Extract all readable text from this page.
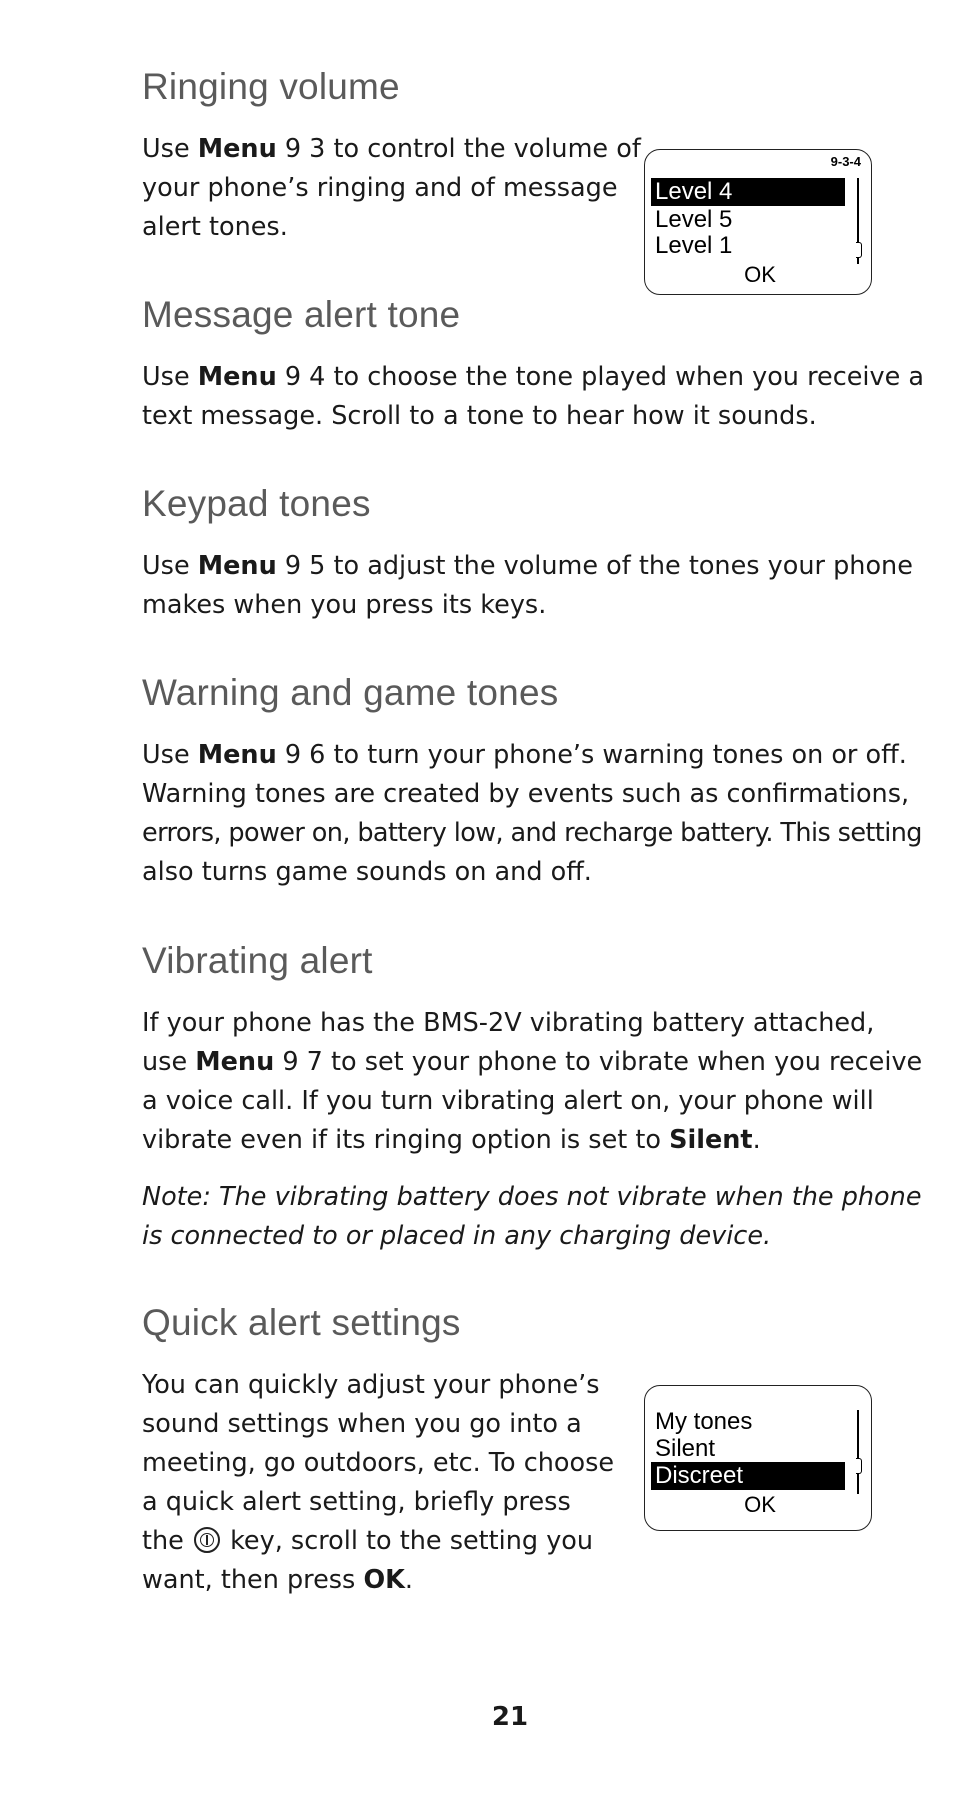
Ringing volume

Use Menu 9 3 to control the volume of
your phone’s ringing and of message
alert tones.

9-3-4
Level 4
Level 5
Level 1
OK
Message alert tone

Use Menu 9 4 to choose the tone played when you receive a
text message. Scroll to a tone to hear how it sounds.

Keypad tones

Use Menu 9 5 to adjust the volume of the tones your phone
makes when you press its keys.

Warning and game tones

Use Menu 9 6 to turn your phone’s warning tones on or off.
Warning tones are created by events such as confirmations,
errors, power on, battery low, and recharge battery. This setting
also turns game sounds on and off.

Vibrating alert

If your phone has the BMS-2V vibrating battery attached,
use Menu 9 7 to set your phone to vibrate when you receive
a voice call. If you turn vibrating alert on, your phone will
vibrate even if its ringing option is set to Silent.

Note: The vibrating battery does not vibrate when the phone
is connected to or placed in any charging device.

Quick alert settings

You can quickly adjust your phone’s
sound settings when you go into a
meeting, go outdoors, etc. To choose
a quick alert setting, briefly press
the  key, scroll to the setting you
want, then press OK.

My tones
Silent
Discreet
OK
21
